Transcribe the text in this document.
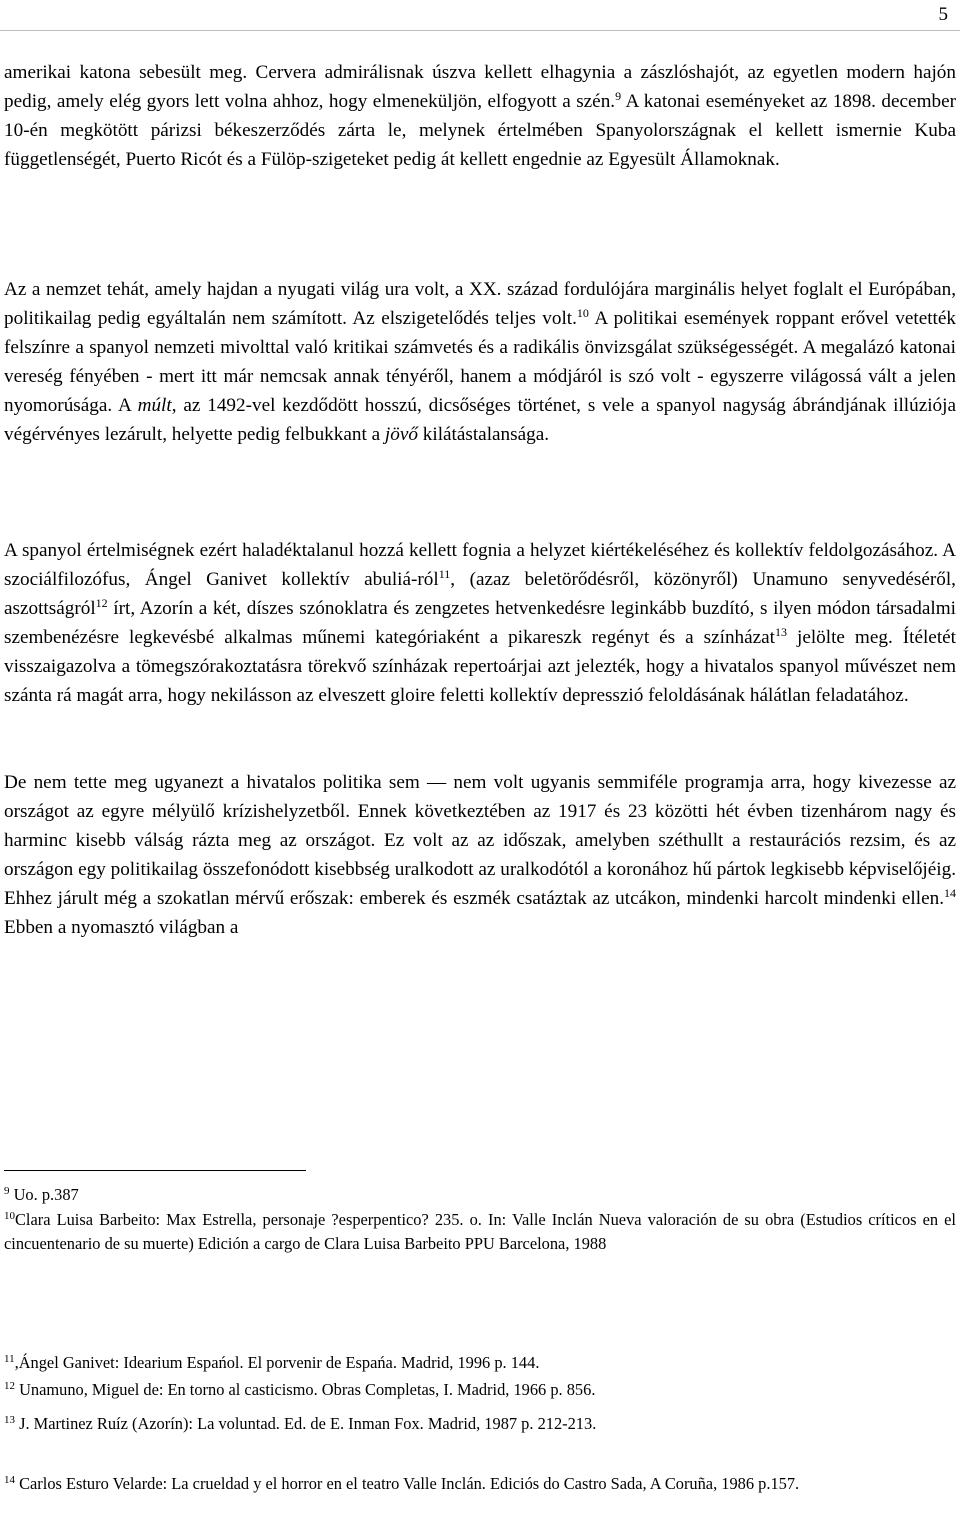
5

amerikai katona sebesült meg. Cervera admirálisnak úszva kellett elhagynia a zászlóshajót, az egyetlen modern hajón pedig, amely elég gyors lett volna ahhoz, hogy elmeneküljön, elfogyott a szén.$^9$ A katonai eseményeket az 1898. december 10-én megkötött párizsi békeszerződés zárta le, melynek értelmében Spanyolországnak el kellett ismernie Kuba függetlenségét, Puerto Ricót és a Fülöp-szigeteket pedig át kellett engednie az Egyesült Államoknak.

Az a nemzet tehát, amely hajdan a nyugati világ ura volt, a XX. század fordulójára marginális helyet foglalt el Európában, politikailag pedig egyáltalán nem számított. Az elszigetelődés teljes volt.$^{10}$ A politikai események roppant erővel vetették felszínre a spanyol nemzeti mivolttal való kritikai számvetés és a radikális önvizsgálat szükségességét. A megalázó katonai vereség fényében - mert itt már nemcsak annak tényéről, hanem a módjáról is szó volt - egyszerre világossá vált a jelen nyomorúsága. A múlt, az 1492-vel kezdődött hosszú, dicsőséges történet, s vele a spanyol nagyság ábrándjának illúziója végérvényes lezárult, helyette pedig felbukkant a jövő kilátástalansága.

A spanyol értelmiségnek ezért haladéktalanul hozzá kellett fognia a helyzet kiértékeléséhez és kollektív feldolgozásához. A szociálfilozófus, Ángel Ganivet kollektív abuliá-ról$^{11}$, (azaz beletörődésről, közönyről) Unamuno senyvedéséről, aszottságról$^{12}$ írt, Azorín a két, díszes szónoklatra és zengzetes hetvenkedésre leginkább buzdító, s ilyen módon társadalmi szembenézésre legkevésbé alkalmas műnemi kategóriaként a pikareszk regényt és a színházat$^{13}$ jelölte meg. Ítéletét visszaigazolva a tömegszórakoztatásra törekvő színházak repertoárjai azt jelezték, hogy a hivatalos spanyol művészet nem szánta rá magát arra, hogy nekilásson az elveszett gloire feletti kollektív depresszió feloldásának hálátlan feladatához.

De nem tette meg ugyanezt a hivatalos politika sem — nem volt ugyanis semmiféle programja arra, hogy kivezesse az országot az egyre mélyülő krízishelyzetből. Ennek következtében az 1917 és 23 közötti hét évben tizenhárom nagy és harminc kisebb válság rázta meg az országot. Ez volt az az időszak, amelyben széthullt a restaurációs rezsim, és az országon egy politikailag összefonódott kisebbség uralkodott az uralkodótól a koronához hű pártok legkisebb képviselőjéig. Ehhez járult még a szokatlan mérvű erőszak: emberek és eszmék csatáztak az utcákon, mindenki harcolt mindenki ellen.$^{14}$ Ebben a nyomasztó világban a

$^9$ Uo. p.387

$^{10}$Clara Luisa Barbeito: Max Estrella, personaje ?esperpentico? 235. o. In: Valle Inclán Nueva valoración de su obra (Estudios críticos en el cincuentenario de su muerte) Edición a cargo de Clara Luisa Barbeito PPU Barcelona, 1988

$^{11}$,Ángel Ganivet: Idearium Espańol. El porvenir de Espańa. Madrid, 1996 p. 144.

$^{12}$ Unamuno, Miguel de: En torno al casticismo. Obras Completas, I. Madrid, 1966 p. 856.

$^{13}$ J. Martinez Ruíz (Azorín): La voluntad. Ed. de E. Inman Fox. Madrid, 1987 p. 212-213.

$^{14}$ Carlos Esturo Velarde: La crueldad y el horror en el teatro Valle Inclán. Ediciós do Castro Sada, A Coruña, 1986 p.157.
